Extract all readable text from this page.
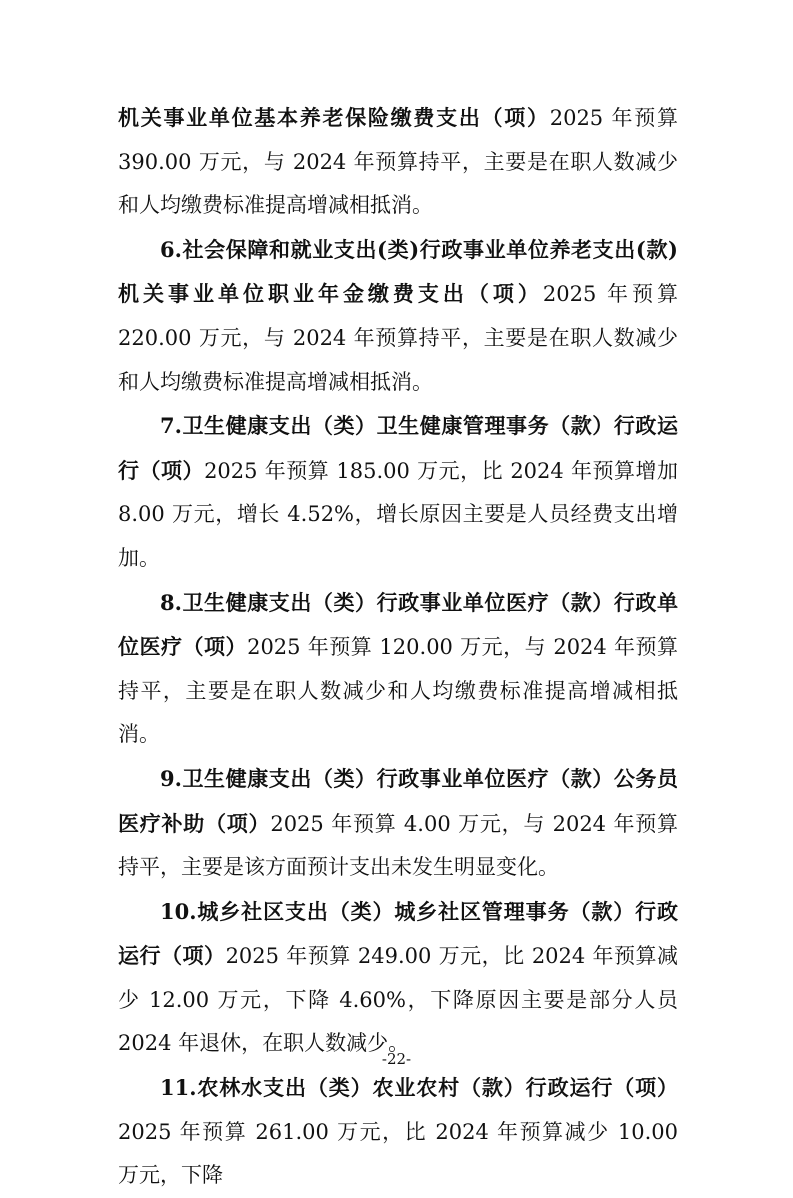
机关事业单位基本养老保险缴费支出（项）2025 年预算 390.00 万元，与 2024 年预算持平，主要是在职人数减少和人均缴费标准提高增减相抵消。

6.社会保障和就业支出(类)行政事业单位养老支出(款)机关事业单位职业年金缴费支出（项）2025 年预算 220.00 万元，与 2024 年预算持平，主要是在职人数减少和人均缴费标准提高增减相抵消。

7.卫生健康支出（类）卫生健康管理事务（款）行政运行（项）2025 年预算 185.00 万元，比 2024 年预算增加 8.00 万元，增长 4.52%，增长原因主要是人员经费支出增加。

8.卫生健康支出（类）行政事业单位医疗（款）行政单位医疗（项）2025 年预算 120.00 万元，与 2024 年预算持平，主要是在职人数减少和人均缴费标准提高增减相抵消。

9.卫生健康支出（类）行政事业单位医疗（款）公务员医疗补助（项）2025 年预算 4.00 万元，与 2024 年预算持平，主要是该方面预计支出未发生明显变化。

10.城乡社区支出（类）城乡社区管理事务（款）行政运行（项）2025 年预算 249.00 万元，比 2024 年预算减少 12.00 万元，下降 4.60%，下降原因主要是部分人员 2024 年退休，在职人数减少。

11.农林水支出（类）农业农村（款）行政运行（项）2025 年预算 261.00 万元，比 2024 年预算减少 10.00 万元，下降

-22-
